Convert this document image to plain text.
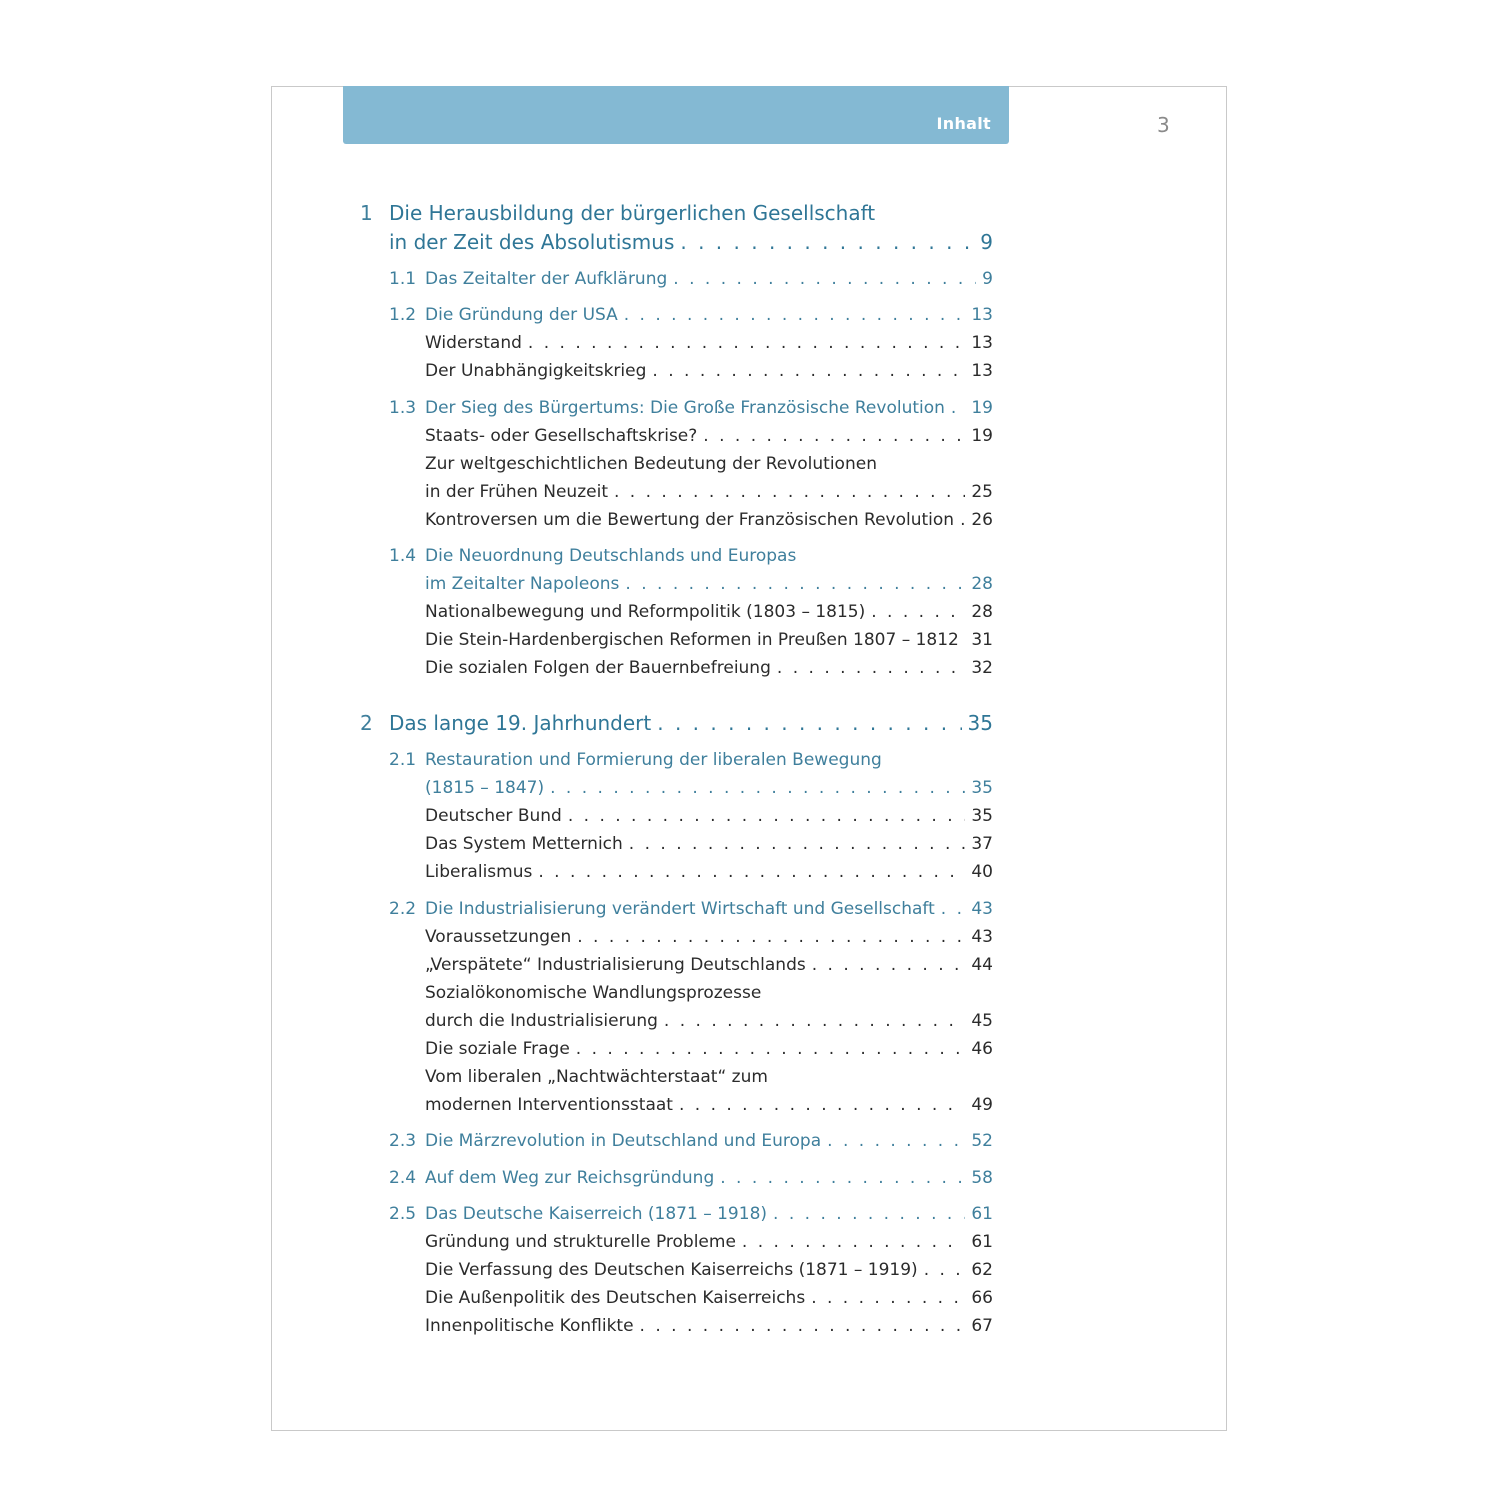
Inhalt	3
1 Die Herausbildung der bürgerlichen Gesellschaft
in der Zeit des Absolutismus . . .	9
1.1 Das Zeitalter der Aufklärung . . .	9
1.2 Die Gründung der USA . . .	13
Widerstand . . .	13
Der Unabhängigkeitskrieg . . .	13
1.3 Der Sieg des Bürgertums: Die Große Französische Revolution . . . 19
Staats- oder Gesellschaftskrise? . . .	19
Zur weltgeschichtlichen Bedeutung der Revolutionen
in der Frühen Neuzeit . . .	25
Kontroversen um die Bewertung der Französischen Revolution . . . 26
1.4 Die Neuordnung Deutschlands und Europas
im Zeitalter Napoleons . . .	28
Nationalbewegung und Reformpolitik (1803 – 1815) . . .	28
Die Stein-Hardenbergischen Reformen in Preußen 1807 – 1812 . . . 31
Die sozialen Folgen der Bauernbefreiung . . .	32
2 Das lange 19. Jahrhundert . . .	35
2.1 Restauration und Formierung der liberalen Bewegung
(1815 – 1847) . . .	35
Deutscher Bund . . .	35
Das System Metternich . . .	37
Liberalismus . . .	40
2.2 Die Industrialisierung verändert Wirtschaft und Gesellschaft . . . 43
Voraussetzungen . . .	43
„Verspätete“ Industrialisierung Deutschlands . . .	44
Sozialökonomische Wandlungsprozesse
durch die Industrialisierung . . .	45
Die soziale Frage . . .	46
Vom liberalen „Nachtwächterstaat“ zum
modernen Interventionsstaat . . .	49
2.3 Die Märzrevolution in Deutschland und Europa . . .	52
2.4 Auf dem Weg zur Reichsgründung . . .	58
2.5 Das Deutsche Kaiserreich (1871 – 1918) . . .	61
Gründung und strukturelle Probleme . . .	61
Die Verfassung des Deutschen Kaiserreichs (1871 – 1919) . . .	62
Die Außenpolitik des Deutschen Kaiserreichs . . .	66
Innenpolitische Konflikte . . .	67
